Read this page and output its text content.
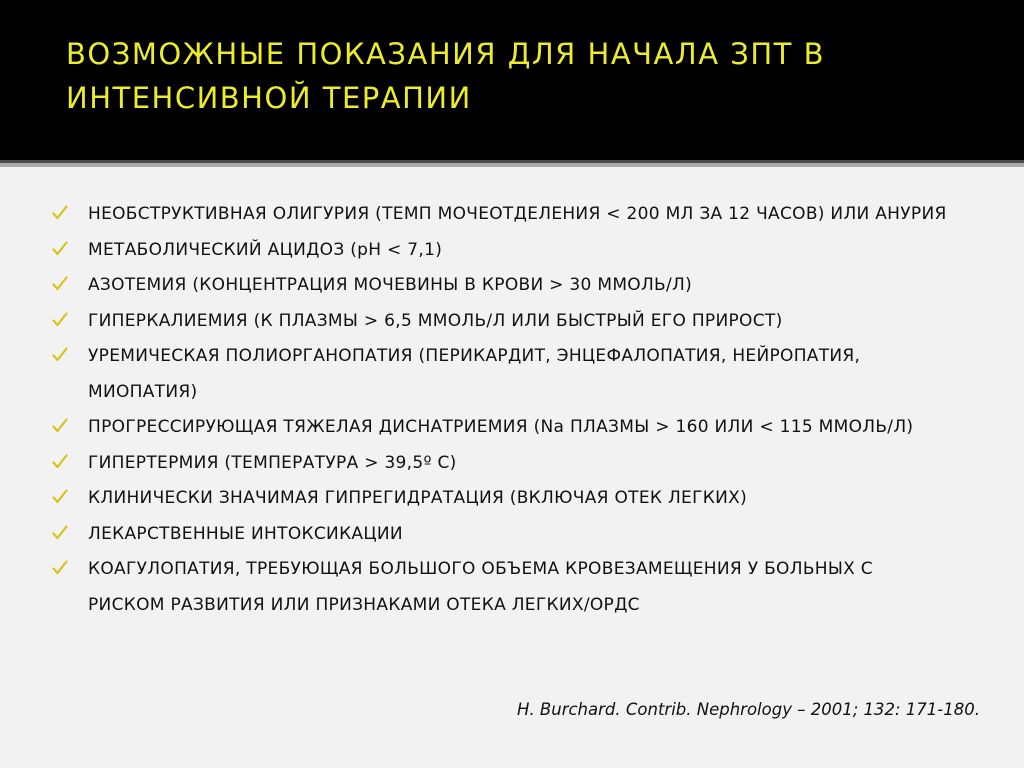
ВОЗМОЖНЫЕ ПОКАЗАНИЯ ДЛЯ НАЧАЛА ЗПТ В ИНТЕНСИВНОЙ ТЕРАПИИ
НЕОБСТРУКТИВНАЯ ОЛИГУРИЯ (ТЕМП МОЧЕОТДЕЛЕНИЯ < 200 МЛ ЗА 12 ЧАСОВ) ИЛИ АНУРИЯ
МЕТАБОЛИЧЕСКИЙ АЦИДОЗ (pH < 7,1)
АЗОТЕМИЯ (КОНЦЕНТРАЦИЯ МОЧЕВИНЫ В КРОВИ > 30 ММОЛЬ/Л)
ГИПЕРКАЛИЕМИЯ (К ПЛАЗМЫ > 6,5 ММОЛЬ/Л ИЛИ БЫСТРЫЙ ЕГО ПРИРОСТ)
УРЕМИЧЕСКАЯ ПОЛИОРГАНОПАТИЯ (ПЕРИКАРДИТ, ЭНЦЕФАЛОПАТИЯ, НЕЙРОПАТИЯ, МИОПАТИЯ)
ПРОГРЕССИРУЮЩАЯ ТЯЖЕЛАЯ ДИСНАТРИЕМИЯ (Na ПЛАЗМЫ > 160 ИЛИ < 115 ММОЛЬ/Л)
ГИПЕРТЕРМИЯ (ТЕМПЕРАТУРА > 39,5º С)
КЛИНИЧЕСКИ ЗНАЧИМАЯ ГИПРЕГИДРАТАЦИЯ (ВКЛЮЧАЯ ОТЕК ЛЕГКИХ)
ЛЕКАРСТВЕННЫЕ ИНТОКСИКАЦИИ
КОАГУЛОПАТИЯ, ТРЕБУЮЩАЯ БОЛЬШОГО ОБЪЕМА КРОВЕЗАМЕЩЕНИЯ У БОЛЬНЫХ С РИСКОМ РАЗВИТИЯ ИЛИ ПРИЗНАКАМИ ОТЕКА ЛЕГКИХ/ОРДС
H. Burchard. Contrib. Nephrology – 2001; 132: 171-180.
